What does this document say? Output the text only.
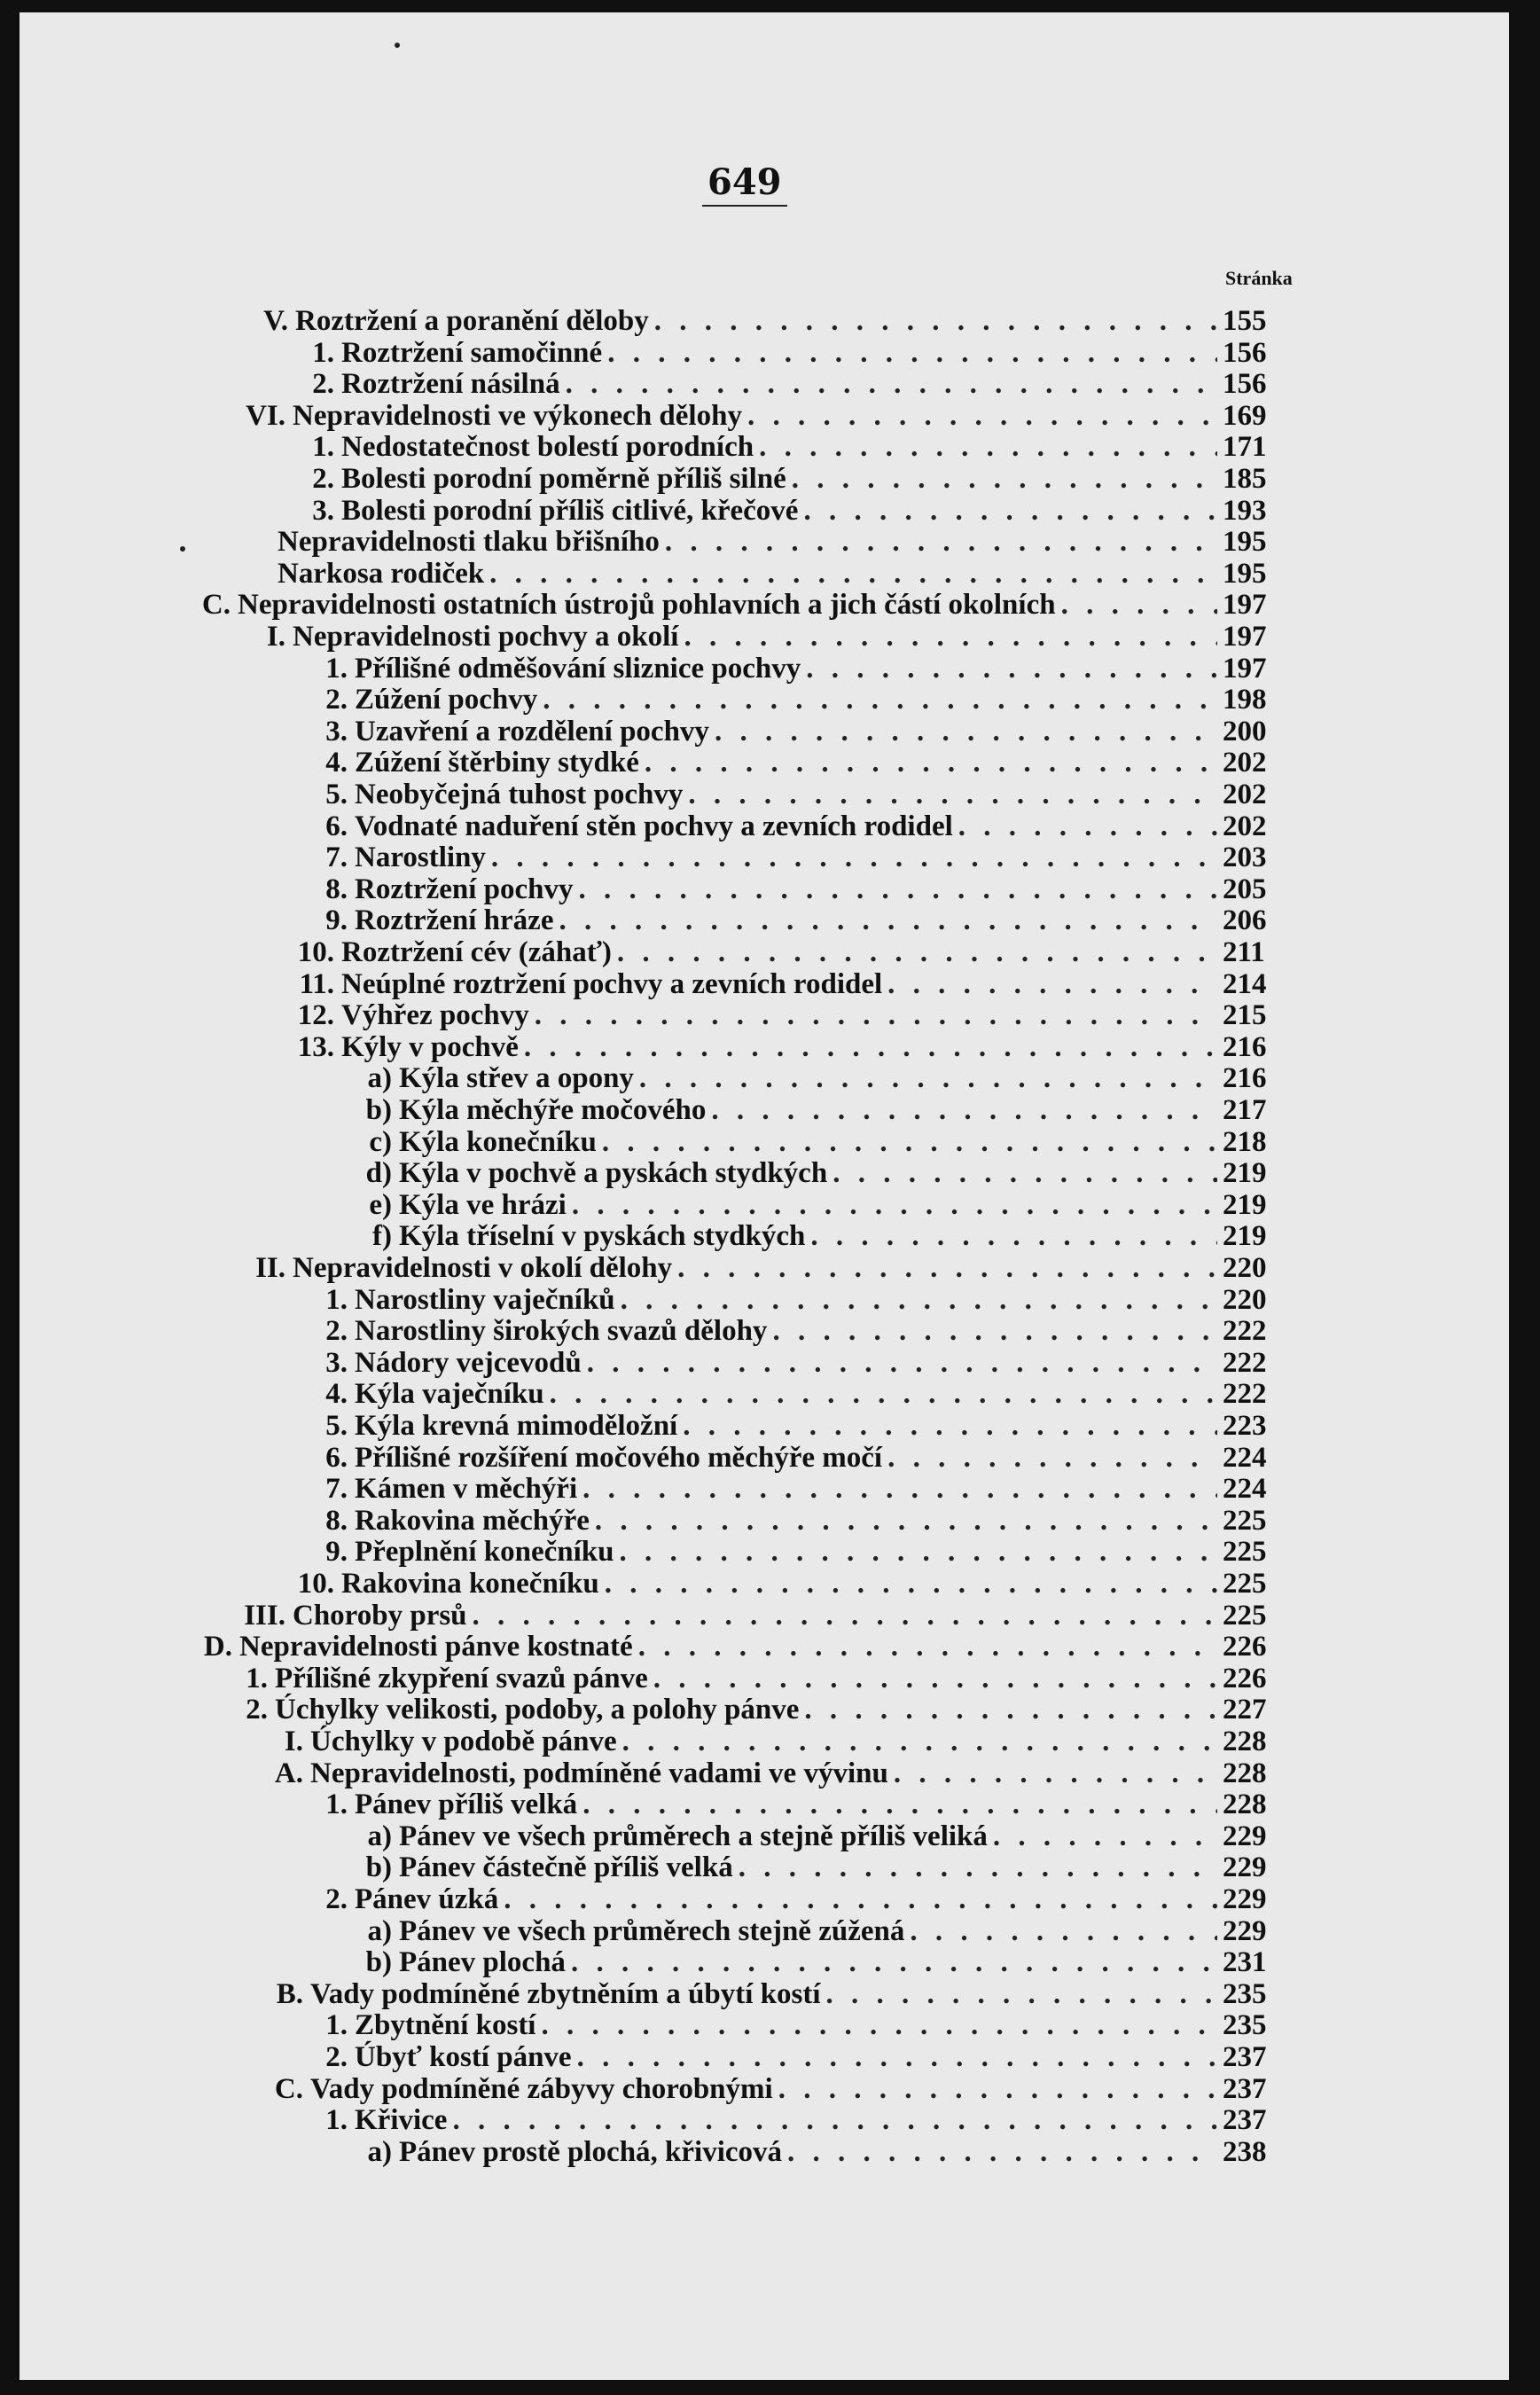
649
Stránka
V. Roztržení a poranění děloby . . .	155
1. Roztržení samočinné . . .	156
2. Roztržení násilná . . .	156
VI. Nepravidelnosti ve výkonech dělohy . . .	169
1. Nedostatečnost bolestí porodních . . .	171
2. Bolesti porodní poměrně příliš silné . . .	185
3. Bolesti porodní příliš citlivé, křečové . . .	193
Nepravidelnosti tlaku břišního . . .	195
Narkosa rodiček . . .	195
C. Nepravidelnosti ostatních ústrojů pohlavních a jich částí okolních . . .	197
I. Nepravidelnosti pochvy a okolí . . .	197
1. Přílišné odměšování sliznice pochvy . . .	197
2. Zúžení pochvy . . .	198
3. Uzavření a rozdělení pochvy . . .	200
4. Zúžení štěrbiny stydké . . .	202
5. Neobyčejná tuhost pochvy . . .	202
6. Vodnaté naduření stěn pochvy a zevních rodidel . . .	202
7. Narostliny . . .	203
8. Roztržení pochvy . . .	205
9. Roztržení hráze . . .	206
10. Roztržení cév (záhať) . . .	211
11. Neúplné roztržení pochvy a zevních rodidel . . .	214
12. Výhřez pochvy . . .	215
13. Kýly v pochvě . . .	216
a) Kýla střev a opony . . .	216
b) Kýla měchýře močového . . .	217
c) Kýla konečníku . . .	218
d) Kýla v pochvě a pyskách stydkých . . .	219
e) Kýla ve hrázi . . .	219
f) Kýla tříselní v pyskách stydkých . . .	219
II. Nepravidelnosti v okolí dělohy . . .	220
1. Narostliny vaječníků . . .	220
2. Narostliny širokých svazů dělohy . . .	222
3. Nádory vejcevodů . . .	222
4. Kýla vaječníku . . .	222
5. Kýla krevná mimoděložní . . .	223
6. Přílišné rozšíření močového měchýře močí . . .	224
7. Kámen v měchýři . . .	224
8. Rakovina měchýře . . .	225
9. Přeplnění konečníku . . .	225
10. Rakovina konečníku . . .	225
III. Choroby prsů . . .	225
D. Nepravidelnosti pánve kostnaté . . .	226
1. Přílišné zkypření svazů pánve . . .	226
2. Úchylky velikosti, podoby, a polohy pánve . . .	227
I. Úchylky v podobě pánve . . .	228
A. Nepravidelnosti, podmíněné vadami ve vývinu . . .	228
1. Pánev příliš velká . . .	228
a) Pánev ve všech průměrech a stejně příliš veliká . . .	229
b) Pánev částečně příliš velká . . .	229
2. Pánev úzká . . .	229
a) Pánev ve všech průměrech stejně zúžená . . .	229
b) Pánev plochá . . .	231
B. Vady podmíněné zbytněním a úbytí kostí . . .	235
1. Zbytnění kostí . . .	235
2. Úbyť kostí pánve . . .	237
C. Vady podmíněné zábyvy chorobnými . . .	237
1. Křivice . . .	237
a) Pánev prostě plochá, křivicová . . .	238
